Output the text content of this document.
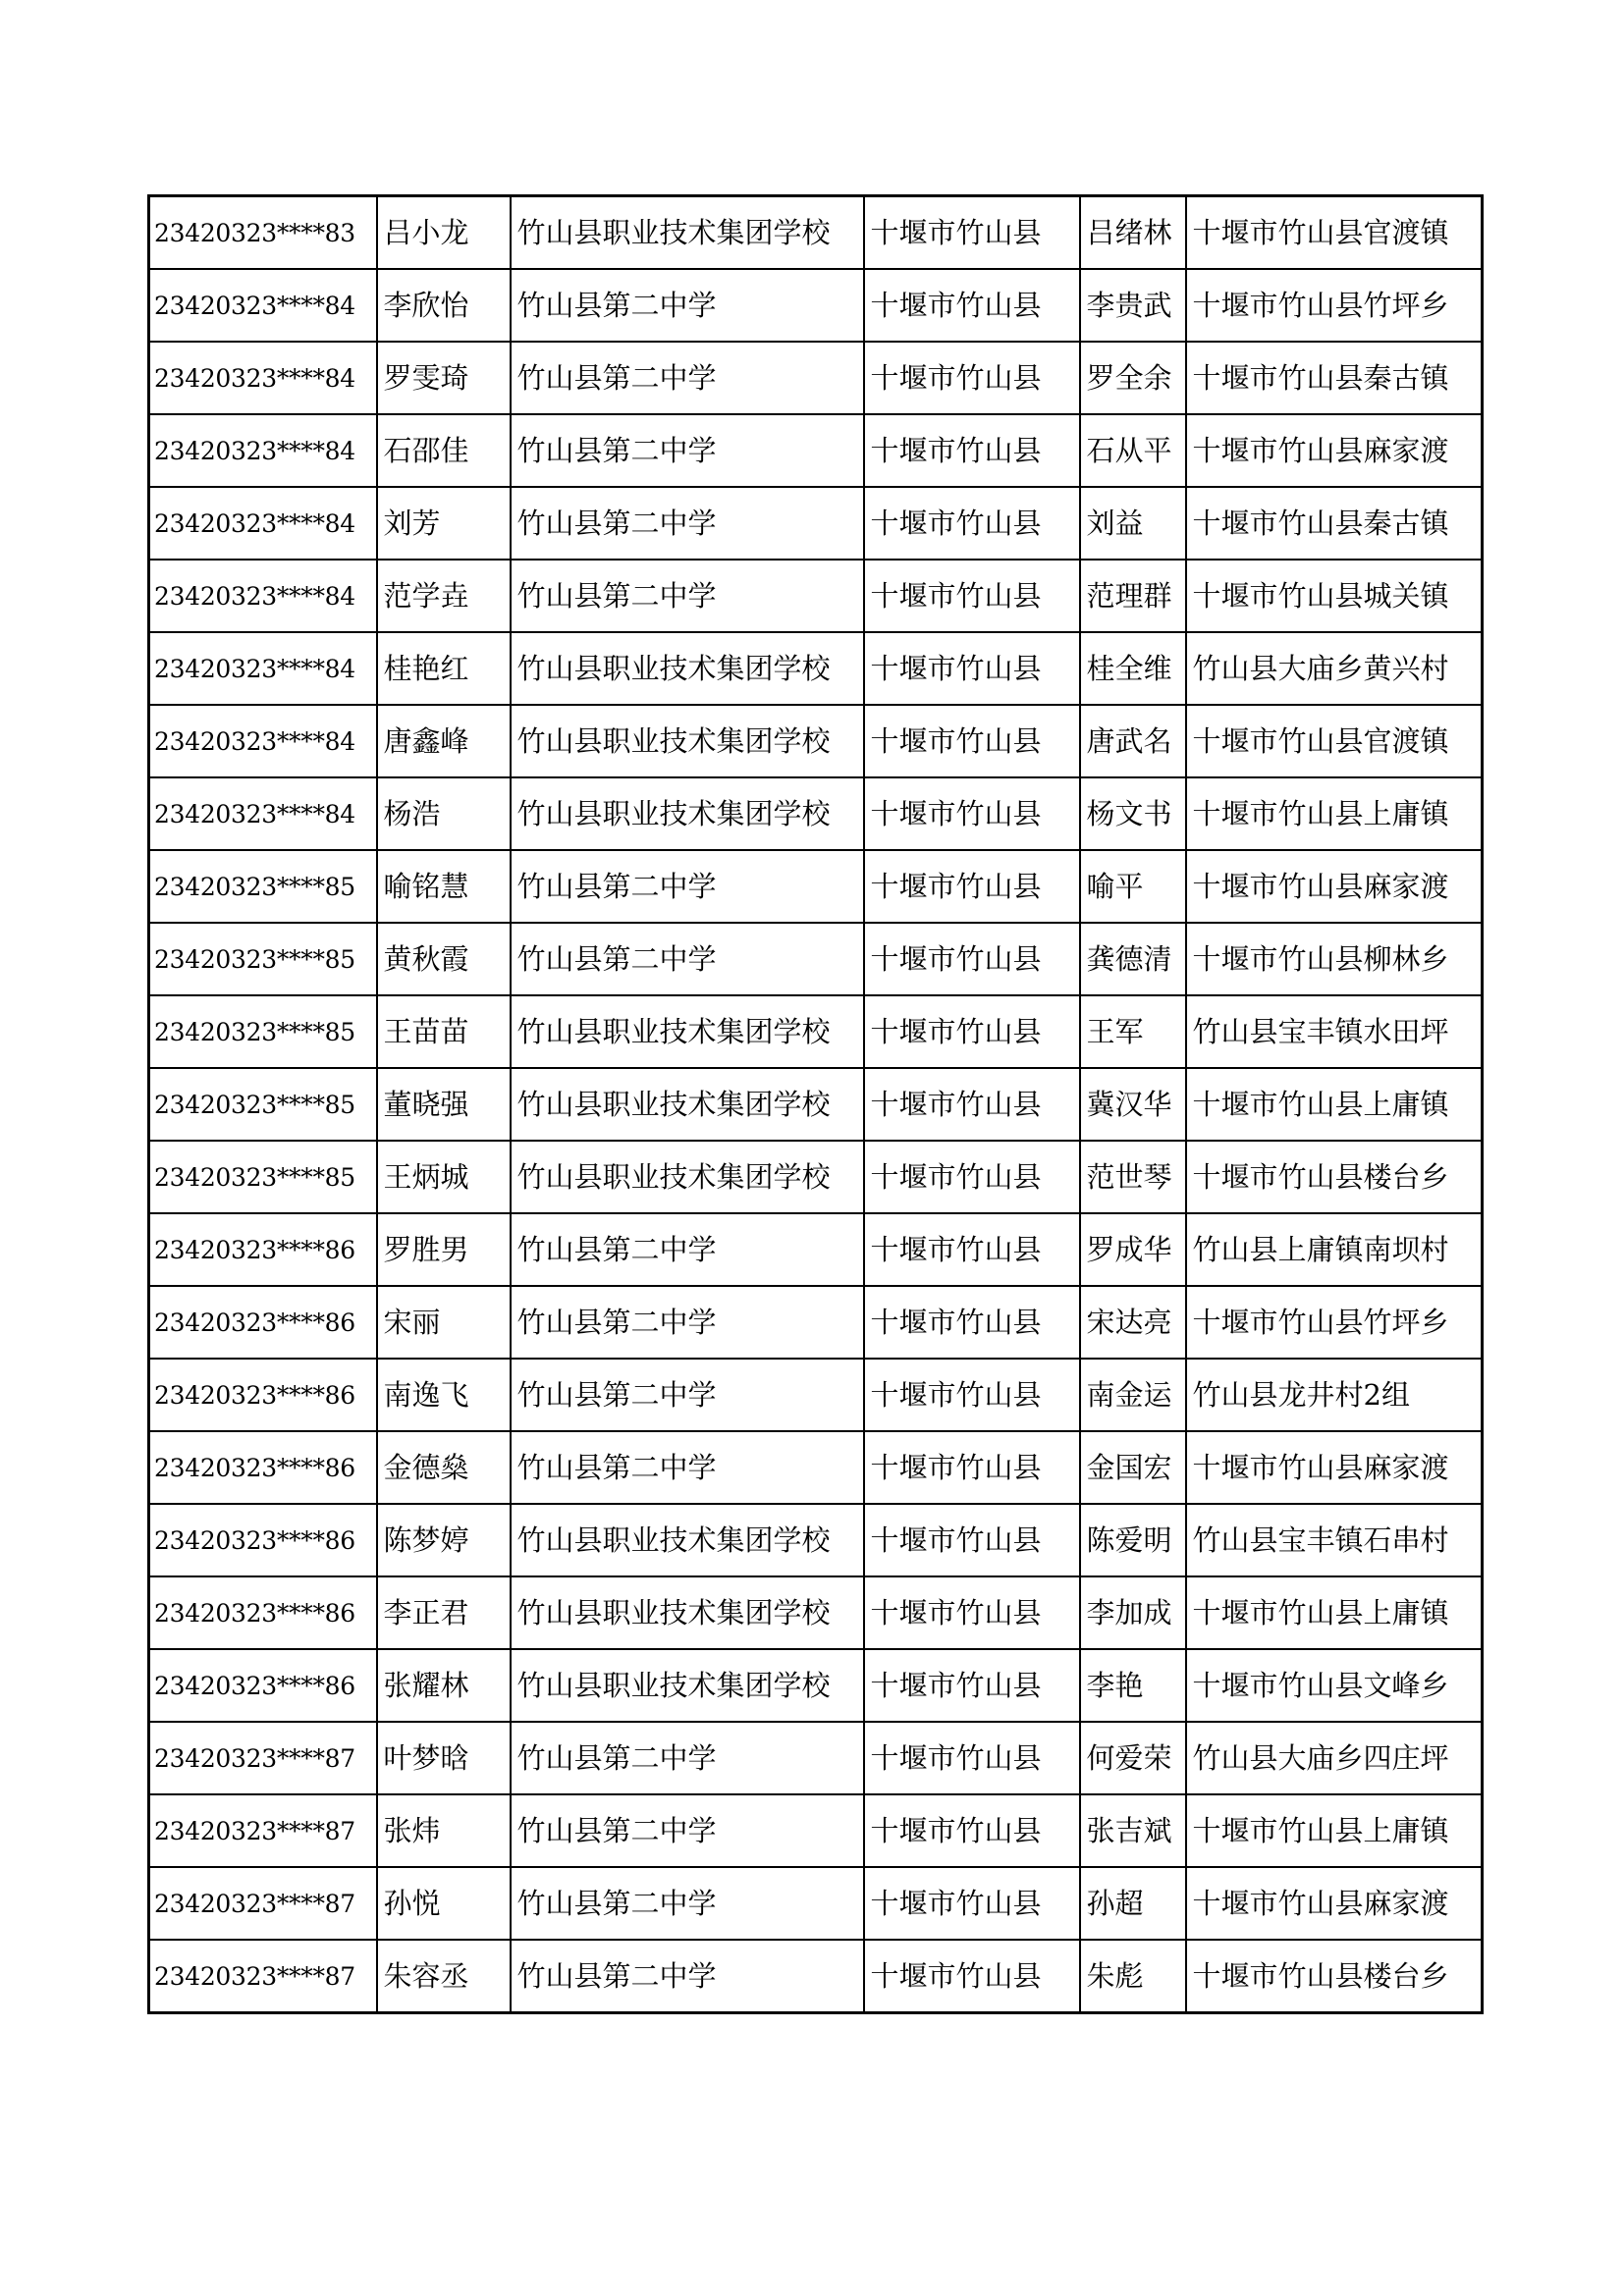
23420323****83	吕小龙	竹山县职业技术集团学校	十堰市竹山县	吕绪林	十堰市竹山县官渡镇
23420323****84	李欣怡	竹山县第二中学	十堰市竹山县	李贵武	十堰市竹山县竹坪乡
23420323****84	罗雯琦	竹山县第二中学	十堰市竹山县	罗全余	十堰市竹山县秦古镇
23420323****84	石邵佳	竹山县第二中学	十堰市竹山县	石从平	十堰市竹山县麻家渡
23420323****84	刘芳	竹山县第二中学	十堰市竹山县	刘益	十堰市竹山县秦古镇
23420323****84	范学垚	竹山县第二中学	十堰市竹山县	范理群	十堰市竹山县城关镇
23420323****84	桂艳红	竹山县职业技术集团学校	十堰市竹山县	桂全维	竹山县大庙乡黄兴村
23420323****84	唐鑫峰	竹山县职业技术集团学校	十堰市竹山县	唐武名	十堰市竹山县官渡镇
23420323****84	杨浩	竹山县职业技术集团学校	十堰市竹山县	杨文书	十堰市竹山县上庸镇
23420323****85	喻铭慧	竹山县第二中学	十堰市竹山县	喻平	十堰市竹山县麻家渡
23420323****85	黄秋霞	竹山县第二中学	十堰市竹山县	龚德清	十堰市竹山县柳林乡
23420323****85	王苗苗	竹山县职业技术集团学校	十堰市竹山县	王军	竹山县宝丰镇水田坪
23420323****85	董晓强	竹山县职业技术集团学校	十堰市竹山县	冀汉华	十堰市竹山县上庸镇
23420323****85	王炳城	竹山县职业技术集团学校	十堰市竹山县	范世琴	十堰市竹山县楼台乡
23420323****86	罗胜男	竹山县第二中学	十堰市竹山县	罗成华	竹山县上庸镇南坝村
23420323****86	宋丽	竹山县第二中学	十堰市竹山县	宋达亮	十堰市竹山县竹坪乡
23420323****86	南逸飞	竹山县第二中学	十堰市竹山县	南金运	竹山县龙井村2组
23420323****86	金德燊	竹山县第二中学	十堰市竹山县	金国宏	十堰市竹山县麻家渡
23420323****86	陈梦婷	竹山县职业技术集团学校	十堰市竹山县	陈爱明	竹山县宝丰镇石串村
23420323****86	李正君	竹山县职业技术集团学校	十堰市竹山县	李加成	十堰市竹山县上庸镇
23420323****86	张耀林	竹山县职业技术集团学校	十堰市竹山县	李艳	十堰市竹山县文峰乡
23420323****87	叶梦晗	竹山县第二中学	十堰市竹山县	何爱荣	竹山县大庙乡四庄坪
23420323****87	张炜	竹山县第二中学	十堰市竹山县	张吉斌	十堰市竹山县上庸镇
23420323****87	孙悦	竹山县第二中学	十堰市竹山县	孙超	十堰市竹山县麻家渡
23420323****87	朱容丞	竹山县第二中学	十堰市竹山县	朱彪	十堰市竹山县楼台乡
